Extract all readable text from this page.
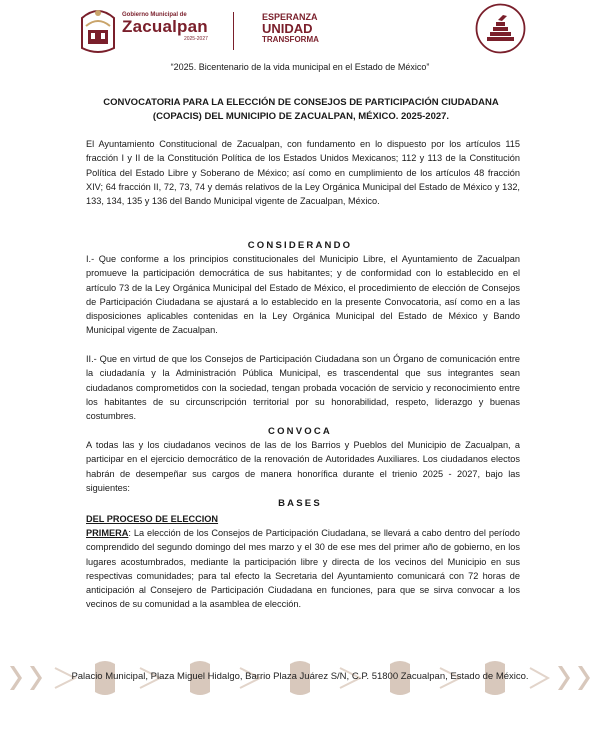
Gobierno Municipal de
Zacualpan
2025-2027
ESPERANZA
UNIDAD
TRANSFORMA
“2025. Bicentenario de la vida municipal en el Estado de México”
CONVOCATORIA PARA LA ELECCIÓN DE CONSEJOS DE PARTICIPACIÓN CIUDADANA (COPACIS) DEL MUNICIPIO DE ZACUALPAN, MÉXICO. 2025-2027.
El Ayuntamiento Constitucional de Zacualpan, con fundamento en lo dispuesto por los artículos 115 fracción I y II de la Constitución Política de los Estados Unidos Mexicanos; 112 y 113 de la Constitución Política del Estado Libre y Soberano de México; así como en cumplimiento de los artículos 48 fracción XIV; 64 fracción II, 72, 73, 74 y demás relativos de la Ley Orgánica Municipal del Estado de México y 132, 133, 134, 135 y 136 del Bando Municipal vigente de Zacualpan, México.
CONSIDERANDO
I.- Que conforme a los principios constitucionales del Municipio Libre, el Ayuntamiento de Zacualpan promueve la participación democrática de sus habitantes; y de conformidad con lo establecido en el artículo 73 de la Ley Orgánica Municipal del Estado de México, el procedimiento de elección de Consejos de Participación Ciudadana se ajustará a lo establecido en la presente Convocatoria, así como en a las disposiciones aplicables contenidas en la Ley Orgánica Municipal del Estado de México y Bando Municipal vigente de Zacualpan.
II.- Que en virtud de que los Consejos de Participación Ciudadana son un Órgano de comunicación entre la ciudadanía y la Administración Pública Municipal, es trascendental que sus integrantes sean ciudadanos comprometidos con la sociedad, tengan probada vocación de servicio y reconocimiento entre los habitantes de su circunscripción territorial por su honorabilidad, respeto, liderazgo y buenas costumbres.
CONVOCA
A todas las y los ciudadanos vecinos de las de los Barrios y Pueblos del Municipio de Zacualpan, a participar en el ejercicio democrático de la renovación de Autoridades Auxiliares. Los ciudadanos electos habrán de desempeñar sus cargos de manera honorífica durante el trienio 2025 - 2027, bajo las siguientes:
BASES
DEL PROCESO DE ELECCION
PRIMERA: La elección de los Consejos de Participación Ciudadana, se llevará a cabo dentro del período comprendido del segundo domingo del mes marzo y el 30 de ese mes del primer año de gobierno, en los lugares acostumbrados, mediante la participación libre y directa de los vecinos del Municipio en sus respectivas comunidades; para tal efecto la Secretaria del Ayuntamiento comunicará con 72 horas de anticipación al Consejero de Participación Ciudadana en funciones, para que se sirva convocar a los vecinos de su comunidad a la asamblea de elección.
Palacio Municipal, Plaza Miguel Hidalgo, Barrio Plaza Juárez S/N, C.P. 51800 Zacualpan, Estado de México.
